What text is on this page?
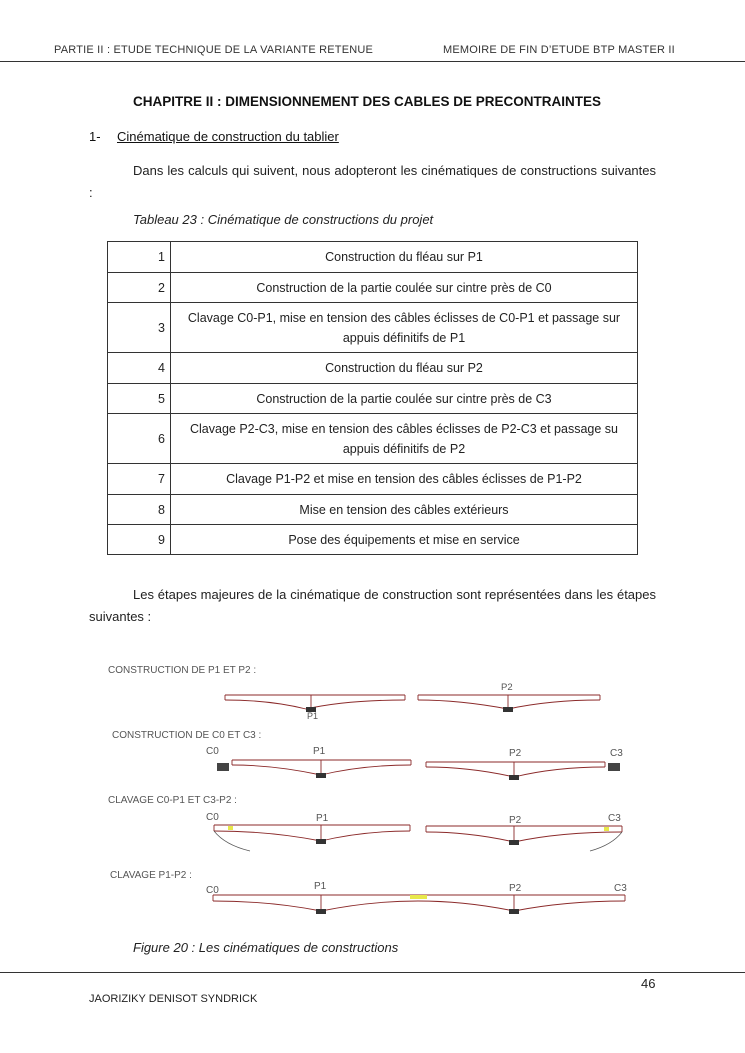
PARTIE II : ETUDE TECHNIQUE DE LA VARIANTE RETENUE	MEMOIRE DE FIN D’ETUDE BTP MASTER II
CHAPITRE II : DIMENSIONNEMENT DES CABLES DE PRECONTRAINTES
1- Cinématique de construction du tablier
Dans les calculs qui suivent, nous adopteront les cinématiques de constructions suivantes :
Tableau 23 : Cinématique de constructions du projet
1	Construction du fléau sur P1
2	Construction de la partie coulée sur cintre près de C0
3	Clavage C0-P1, mise en tension des câbles éclisses de C0-P1 et passage sur appuis définitifs de P1
4	Construction du fléau sur P2
5	Construction de la partie coulée sur cintre près de C3
6	Clavage P2-C3, mise en tension des câbles éclisses de P2-C3 et passage su appuis définitifs de P2
7	Clavage P1-P2 et mise en tension des câbles éclisses de P1-P2
8	Mise en tension des câbles extérieurs
9	Pose des équipements et mise en service
Les étapes majeures de la cinématique de construction sont représentées dans les étapes suivantes :
CONSTRUCTION DE P1 ET P2 :
P1
P2
CONSTRUCTION DE C0 ET C3 :
C0	P1	P2	C3
CLAVAGE C0-P1 ET C3-P2 :
C0	P1	P2	C3
CLAVAGE P1-P2 :
C0	P1	P2	C3
Figure 20 : Les cinématiques de constructions
46
JAORIZIKY DENISOT SYNDRICK
